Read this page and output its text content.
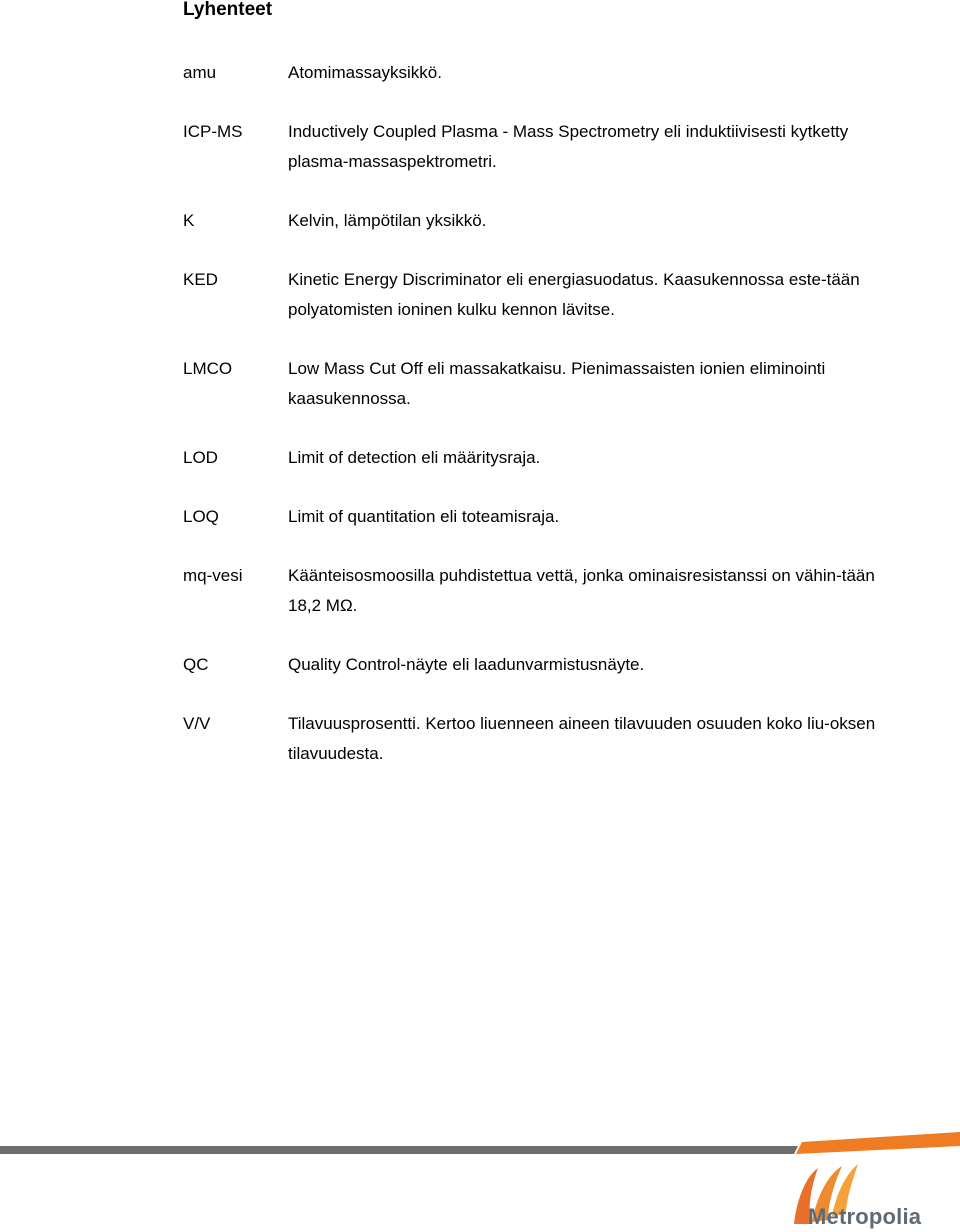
Lyhenteet
amu	Atomimassayksikkö.
ICP-MS	Inductively Coupled Plasma - Mass Spectrometry eli induktiivisesti kytketty plasma-massaspektrometri.
K	Kelvin, lämpötilan yksikkö.
KED	Kinetic Energy Discriminator eli energiasuodatus. Kaasukennossa este-tään polyatomisten ioninen kulku kennon lävitse.
LMCO	Low Mass Cut Off eli massakatkaisu. Pienimassaisten ionien eliminointi kaasukennossa.
LOD	Limit of detection eli määritysraja.
LOQ	Limit of quantitation eli toteamisraja.
mq-vesi	Käänteisosmoosilla puhdistettua vettä, jonka ominaisresistanssi on vähin-tään 18,2 MΩ.
QC	Quality Control-näyte eli laadunvarmistusnäyte.
V/V	Tilavuusprosentti. Kertoo liuenneen aineen tilavuuden osuuden koko liu-oksen tilavuudesta.
Metropolia
